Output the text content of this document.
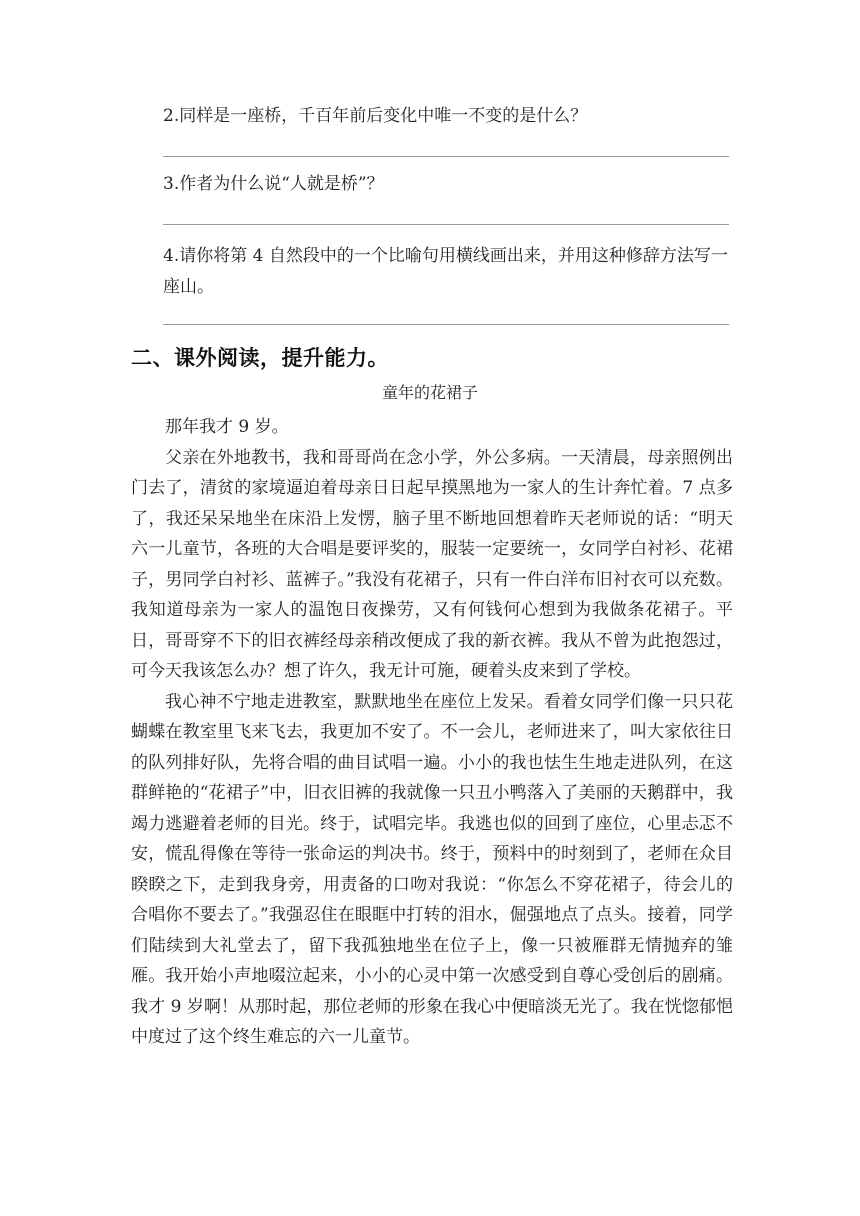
2.同样是一座桥，千百年前后变化中唯一不变的是什么？
3.作者为什么说“人就是桥”？
4.请你将第 4 自然段中的一个比喻句用横线画出来，并用这种修辞方法写一座山。
二、课外阅读，提升能力。
童年的花裙子

那年我才 9 岁。

父亲在外地教书，我和哥哥尚在念小学，外公多病。一天清晨，母亲照例出门去了，清贫的家境逼迫着母亲日日起早摸黑地为一家人的生计奔忙着。7 点多了，我还呆呆地坐在床沿上发愣，脑子里不断地回想着昨天老师说的话：“明天六一儿童节，各班的大合唱是要评奖的，服装一定要统一，女同学白衬衫、花裙子，男同学白衬衫、蓝裤子。”我没有花裙子，只有一件白洋布旧衬衣可以充数。我知道母亲为一家人的温饱日夜操劳，又有何钱何心想到为我做条花裙子。平日，哥哥穿不下的旧衣裤经母亲稍改便成了我的新衣裤。我从不曾为此抱怨过，可今天我该怎么办？想了许久，我无计可施，硬着头皮来到了学校。

我心神不宁地走进教室，默默地坐在座位上发呆。看着女同学们像一只只花蝴蝶在教室里飞来飞去，我更加不安了。不一会儿，老师进来了，叫大家依往日的队列排好队，先将合唱的曲目试唱一遍。小小的我也怯生生地走进队列，在这群鲜艳的“花裙子”中，旧衣旧裤的我就像一只丑小鸭落入了美丽的天鹅群中，我竭力逃避着老师的目光。终于，试唱完毕。我逃也似的回到了座位，心里忐忑不安，慌乱得像在等待一张命运的判决书。终于，预料中的时刻到了，老师在众目睽睽之下，走到我身旁，用责备的口吻对我说：“你怎么不穿花裙子，待会儿的合唱你不要去了。”我强忍住在眼眶中打转的泪水，倔强地点了点头。接着，同学们陆续到大礼堂去了，留下我孤独地坐在位子上，像一只被雁群无情抛弃的雏雁。我开始小声地啜泣起来，小小的心灵中第一次感受到自尊心受创后的剧痛。我才 9 岁啊！从那时起，那位老师的形象在我心中便暗淡无光了。我在恍惚郁悒中度过了这个终生难忘的六一儿童节。
